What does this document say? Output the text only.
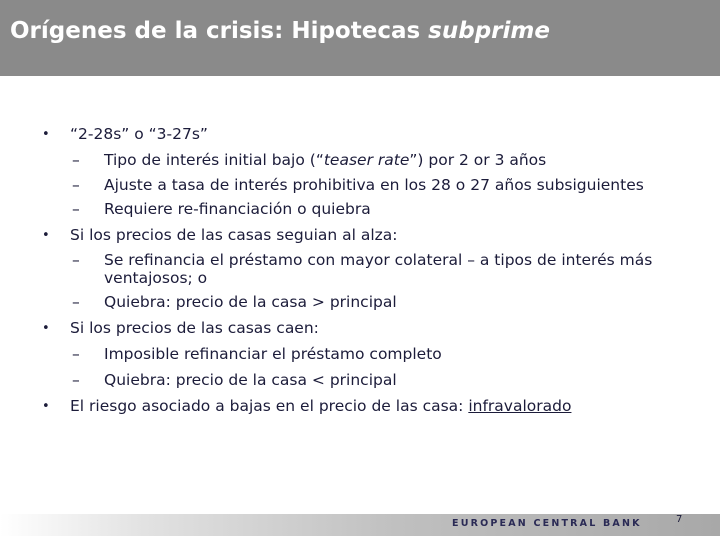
Orígenes de la crisis: Hipotecas subprime
• “2-28s” o “3-27s”
– Tipo de interés initial bajo (“teaser rate”) por 2 or 3 años
– Ajuste a tasa de interés prohibitiva en los 28 o 27 años subsiguientes
– Requiere re-financiación o quiebra
• Si los precios de las casas seguian al alza:
– Se refinancia el préstamo con mayor colateral – a tipos de interés más ventajosos; o
– Quiebra: precio de la casa > principal
• Si los precios de las casas caen:
– Imposible refinanciar el préstamo completo
– Quiebra: precio de la casa < principal
• El riesgo asociado a bajas en el precio de las casa: infravalorado
EUROPEAN CENTRAL BANK	7
